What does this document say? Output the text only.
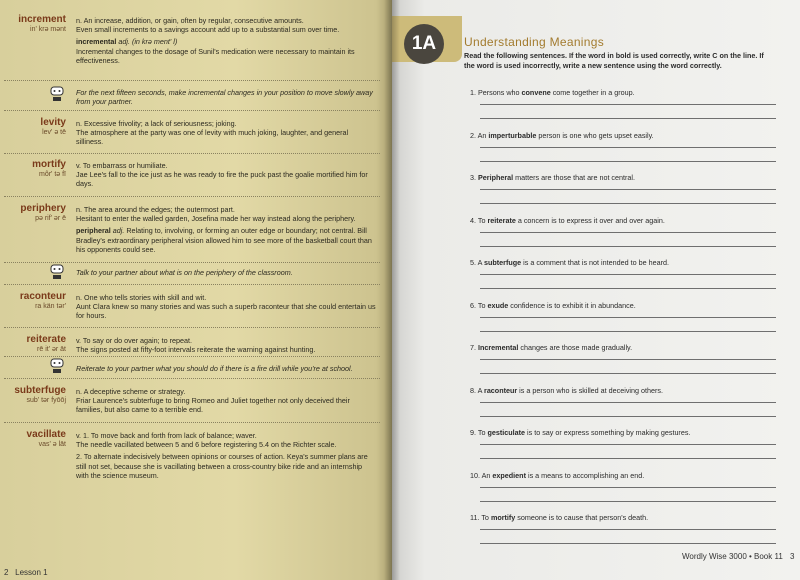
increment
in' krə mənt

n. An increase, addition, or gain, often by regular, consecutive amounts.

Even small increments to a savings account add up to a substantial sum over time.

incremental adj. (in krə ment' l)

Incremental changes to the dosage of Sunil's medication were necessary to maintain its effectiveness.

For the next fifteen seconds, make incremental changes in your position to move slowly away from your partner.
levity
lev' ə tē

n. Excessive frivolity; a lack of seriousness; joking.

The atmosphere at the party was one of levity with much joking, laughter, and general silliness.

mortify
môr' tə fī

v. To embarrass or humiliate.

Jae Lee's fall to the ice just as he was ready to fire the puck past the goalie mortified him for days.

periphery
pə rif' ər ē

n. The area around the edges; the outermost part.

Hesitant to enter the walled garden, Josefina made her way instead along the periphery.

peripheral adj. Relating to, involving, or forming an outer edge or boundary; not central. Bill Bradley's extraordinary peripheral vision allowed him to see more of the basketball court than his opponents could see.

Talk to your partner about what is on the periphery of the classroom.
raconteur
ra kän tər'

n. One who tells stories with skill and wit.

Aunt Clara knew so many stories and was such a superb raconteur that she could entertain us for hours.

reiterate
rē it' ər āt

v. To say or do over again; to repeat.

The signs posted at fifty-foot intervals reiterate the warning against hunting.

Reiterate to your partner what you should do if there is a fire drill while you're at school.
subterfuge
sub' tər fyōōj

n. A deceptive scheme or strategy.

Friar Laurence's subterfuge to bring Romeo and Juliet together not only deceived their families, but also came to a terrible end.

vacillate
vas' ə lāt

v. 1. To move back and forth from lack of balance; waver.

The needle vacillated between 5 and 6 before registering 5.4 on the Richter scale.

2. To alternate indecisively between opinions or courses of action. Keya's summer plans are still not set, because she is vacillating between a cross-country bike ride and an internship with the science museum.

2 Lesson 1
1A	Understanding Meanings
Read the following sentences. If the word in bold is used correctly, write C on the line. If the word is used incorrectly, write a new sentence using the word correctly.
1. Persons who convene come together in a group.
2. An imperturbable person is one who gets upset easily.
3. Peripheral matters are those that are not central.
4. To reiterate a concern is to express it over and over again.
5. A subterfuge is a comment that is not intended to be heard.
6. To exude confidence is to exhibit it in abundance.
7. Incremental changes are those made gradually.
8. A raconteur is a person who is skilled at deceiving others.
9. To gesticulate is to say or express something by making gestures.
10. An expedient is a means to accomplishing an end.
11. To mortify someone is to cause that person's death.
Wordly Wise 3000 • Book 11 3
